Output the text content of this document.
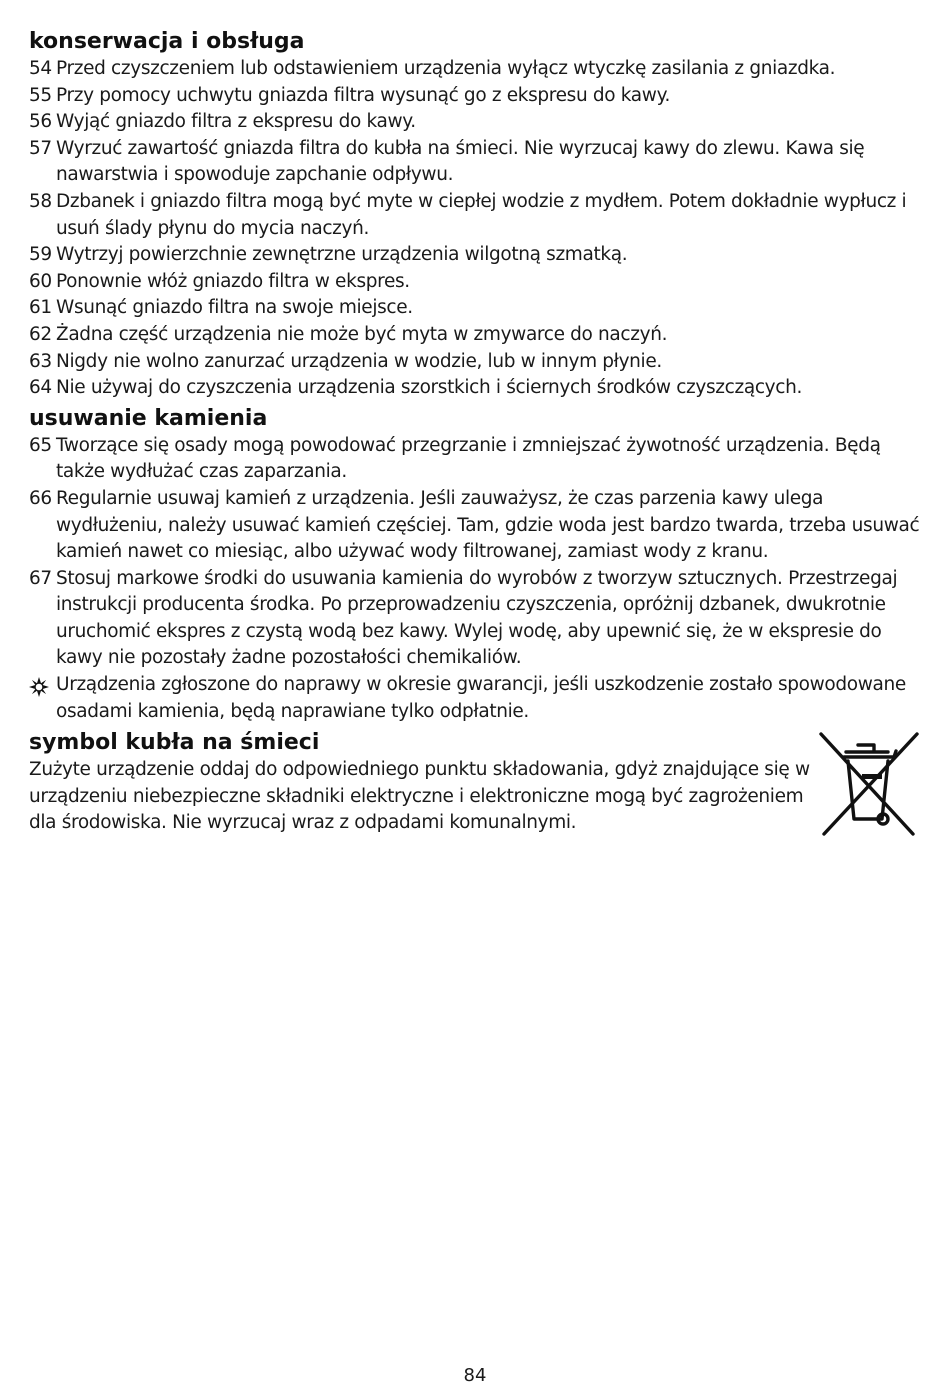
konserwacja i obsługa
54 Przed czyszczeniem lub odstawieniem urządzenia wyłącz wtyczkę zasilania z gniazdka.
55 Przy pomocy uchwytu gniazda filtra wysunąć go z ekspresu do kawy.
56 Wyjąć gniazdo filtra z ekspresu do kawy.
57 Wyrzuć zawartość gniazda filtra do kubła na śmieci. Nie wyrzucaj kawy do zlewu. Kawa się nawarstwia i spowoduje zapchanie odpływu.
58 Dzbanek i gniazdo filtra mogą być myte w ciepłej wodzie z mydłem. Potem dokładnie wypłucz i usuń ślady płynu do mycia naczyń.
59 Wytrzyj powierzchnie zewnętrzne urządzenia wilgotną szmatką.
60 Ponownie włóż gniazdo filtra w ekspres.
61 Wsunąć gniazdo filtra na swoje miejsce.
62 Żadna część urządzenia nie może być myta w zmywarce do naczyń.
63 Nigdy nie wolno zanurzać urządzenia w wodzie, lub w innym płynie.
64 Nie używaj do czyszczenia urządzenia szorstkich i ściernych środków czyszczących.
usuwanie kamienia
65 Tworzące się osady mogą powodować przegrzanie i zmniejszać żywotność urządzenia. Będą także wydłużać czas zaparzania.
66 Regularnie usuwaj kamień z urządzenia. Jeśli zauważysz, że czas parzenia kawy ulega wydłużeniu, należy usuwać kamień częściej. Tam, gdzie woda jest bardzo twarda, trzeba usuwać kamień nawet co miesiąc, albo używać wody filtrowanej, zamiast wody z kranu.
67 Stosuj markowe środki do usuwania kamienia do wyrobów z tworzyw sztucznych. Przestrzegaj instrukcji producenta środka. Po przeprowadzeniu czyszczenia, opróżnij dzbanek, dwukrotnie uruchomić ekspres z czystą wodą bez kawy. Wylej wodę, aby upewnić się, że w ekspresie do kawy nie pozostały żadne pozostałości chemikaliów.
Urządzenia zgłoszone do naprawy w okresie gwarancji, jeśli uszkodzenie zostało spowodowane osadami kamienia, będą naprawiane tylko odpłatnie.
symbol kubła na śmieci

Zużyte urządzenie oddaj do odpowiedniego punktu składowania, gdyż znajdujące się w urządzeniu niebezpieczne składniki elektryczne i elektroniczne mogą być zagrożeniem dla środowiska. Nie wyrzucaj wraz z odpadami komunalnymi.

84
